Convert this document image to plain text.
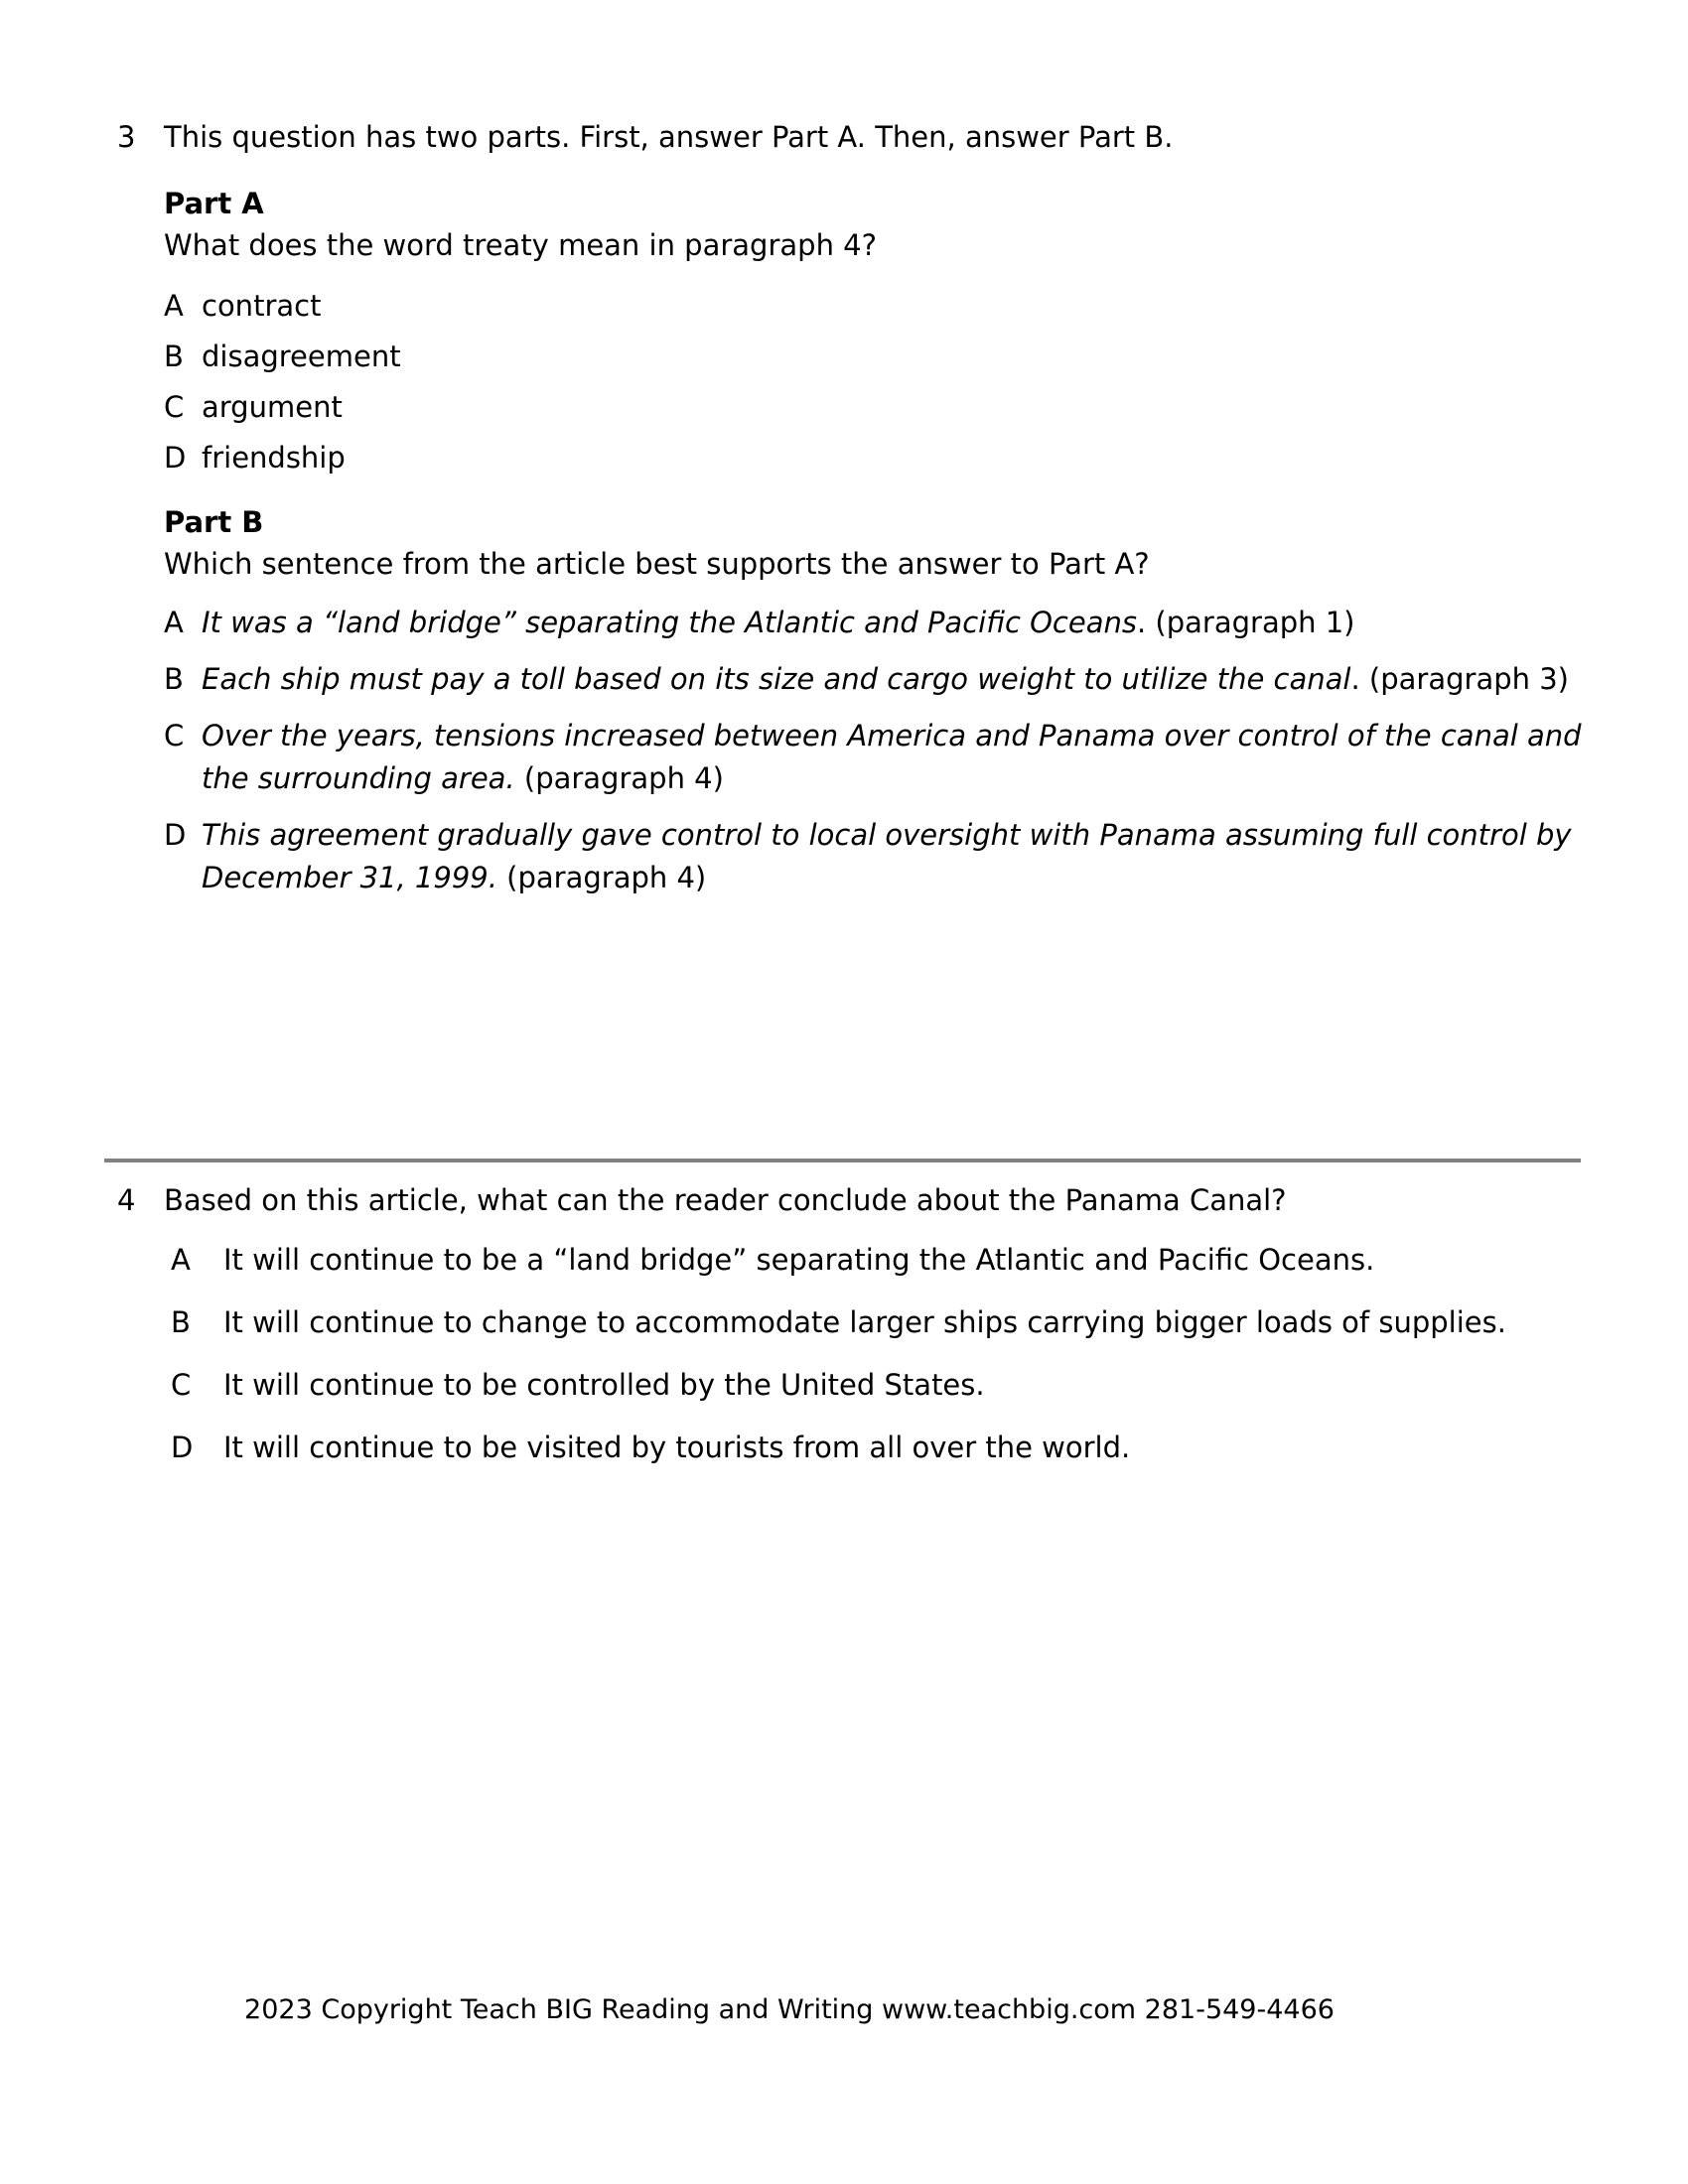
3 This question has two parts. First, answer Part A. Then, answer Part B.
Part A
What does the word treaty mean in paragraph 4?
A contract
B disagreement
C argument
D friendship
Part B
Which sentence from the article best supports the answer to Part A?
A It was a “land bridge” separating the Atlantic and Pacific Oceans. (paragraph 1)
B Each ship must pay a toll based on its size and cargo weight to utilize the canal. (paragraph 3)
C Over the years, tensions increased between America and Panama over control of the canal and the surrounding area. (paragraph 4)
D This agreement gradually gave control to local oversight with Panama assuming full control by December 31, 1999. (paragraph 4)
4 Based on this article, what can the reader conclude about the Panama Canal?
A	It will continue to be a “land bridge” separating the Atlantic and Pacific Oceans.
B	It will continue to change to accommodate larger ships carrying bigger loads of supplies.
C	It will continue to be controlled by the United States.
D	It will continue to be visited by tourists from all over the world.
2023 Copyright Teach BIG Reading and Writing www.teachbig.com 281-549-4466
